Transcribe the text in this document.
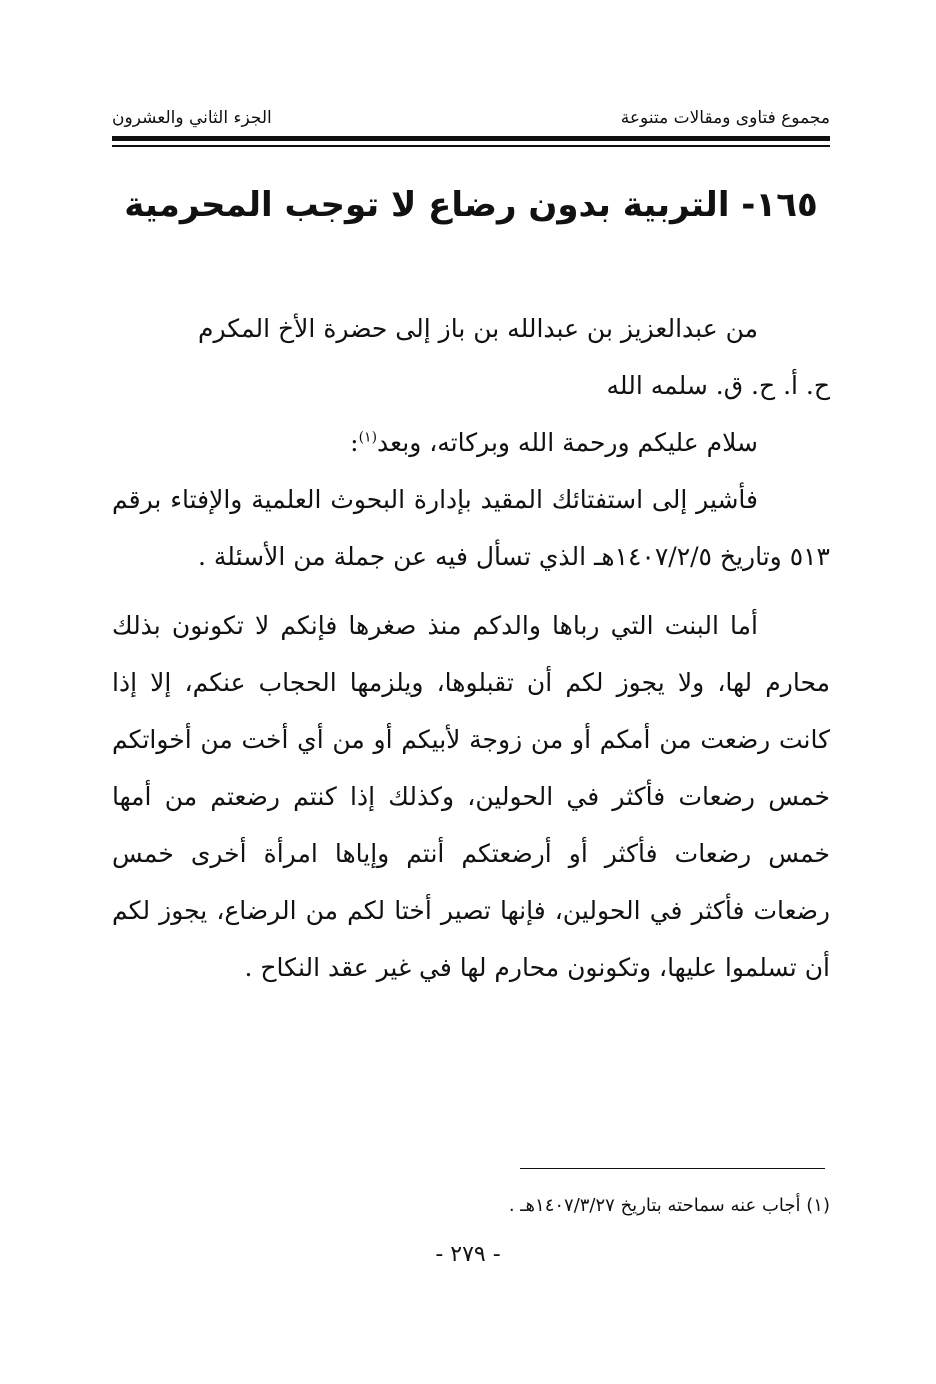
مجموع فتاوى ومقالات متنوعة
الجزء الثاني والعشرون
١٦٥- التربية بدون رضاع لا توجب المحرمية

من عبدالعزيز بن عبدالله بن باز إلى حضرة الأخ المكرم

ح. أ. ح. ق. سلمه الله

سلام عليكم ورحمة الله وبركاته، وبعد$^{(١)}$:

فأشير إلى استفتائك المقيد بإدارة البحوث العلمية والإفتاء برقم ٥١٣ وتاريخ ١٤٠٧/٢/٥هـ الذي تسأل فيه عن جملة من الأسئلة .

أما البنت التي رباها والدكم منذ صغرها فإنكم لا تكونون بذلك محارم لها، ولا يجوز لكم أن تقبلوها، ويلزمها الحجاب عنكم، إلا إذا كانت رضعت من أمكم أو من زوجة لأبيكم أو من أي أخت من أخواتكم خمس رضعات فأكثر في الحولين، وكذلك إذا كنتم رضعتم من أمها خمس رضعات فأكثر أو أرضعتكم أنتم وإياها امرأة أخرى خمس رضعات فأكثر في الحولين، فإنها تصير أختا لكم من الرضاع، يجوز لكم أن تسلموا عليها، وتكونون محارم لها في غير عقد النكاح .

(١) أجاب عنه سماحته بتاريخ ١٤٠٧/٣/٢٧هـ .
- ٢٧٩ -
